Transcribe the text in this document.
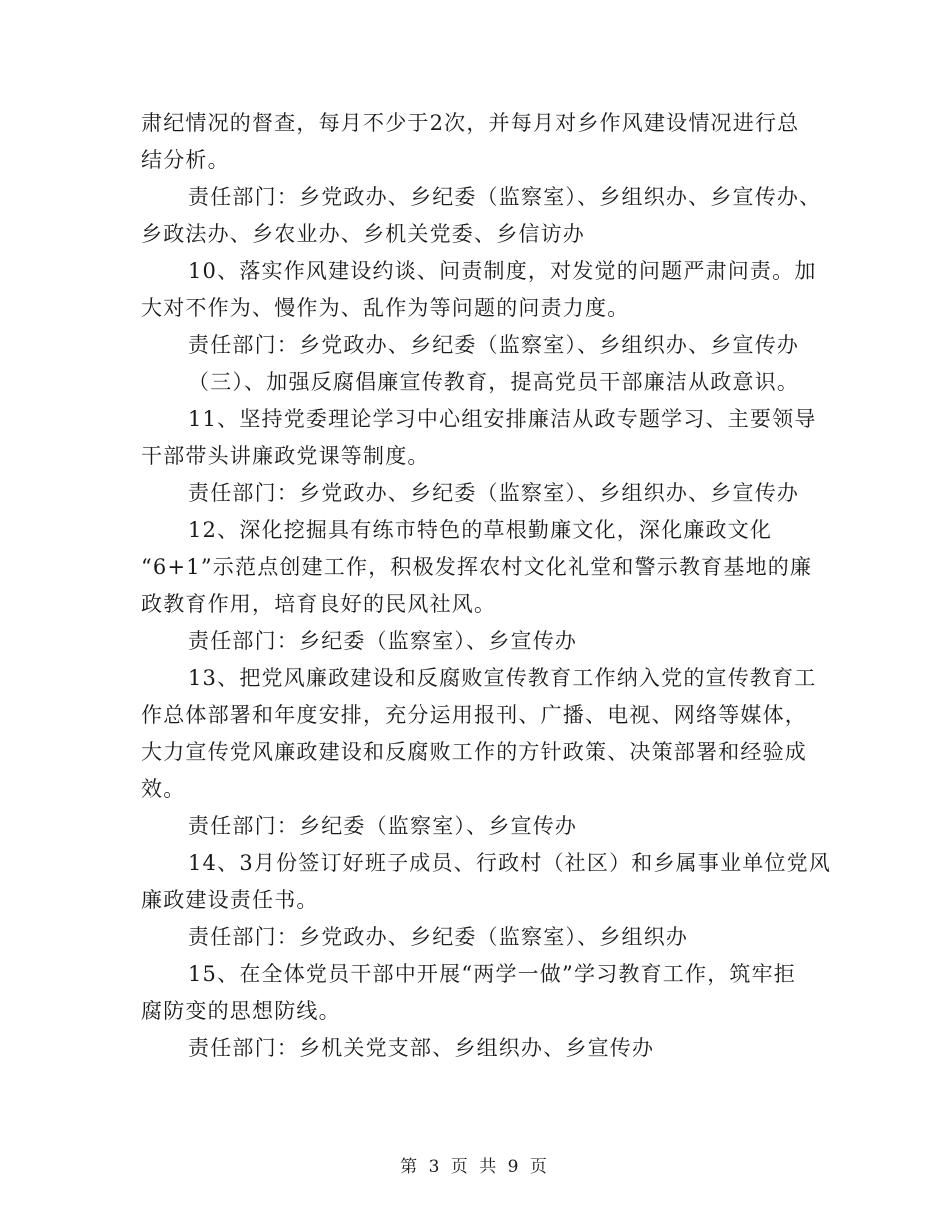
肃纪情况的督查，每月不少于2次，并每月对乡作风建设情况进行总
结分析。
责任部门：乡党政办、乡纪委（监察室）、乡组织办、乡宣传办、
乡政法办、乡农业办、乡机关党委、乡信访办
10、落实作风建设约谈、问责制度，对发觉的问题严肃问责。加
大对不作为、慢作为、乱作为等问题的问责力度。
责任部门：乡党政办、乡纪委（监察室）、乡组织办、乡宣传办
（三）、加强反腐倡廉宣传教育，提高党员干部廉洁从政意识。
11、坚持党委理论学习中心组安排廉洁从政专题学习、主要领导
干部带头讲廉政党课等制度。
责任部门：乡党政办、乡纪委（监察室）、乡组织办、乡宣传办
12、深化挖掘具有练市特色的草根勤廉文化，深化廉政文化
“6+1”示范点创建工作，积极发挥农村文化礼堂和警示教育基地的廉
政教育作用，培育良好的民风社风。
责任部门：乡纪委（监察室）、乡宣传办
13、把党风廉政建设和反腐败宣传教育工作纳入党的宣传教育工
作总体部署和年度安排，充分运用报刊、广播、电视、网络等媒体，
大力宣传党风廉政建设和反腐败工作的方针政策、决策部署和经验成
效。
责任部门：乡纪委（监察室）、乡宣传办
14、3月份签订好班子成员、行政村（社区）和乡属事业单位党风
廉政建设责任书。
责任部门：乡党政办、乡纪委（监察室）、乡组织办
15、在全体党员干部中开展“两学一做”学习教育工作，筑牢拒
腐防变的思想防线。
责任部门：乡机关党支部、乡组织办、乡宣传办
第 3 页 共 9 页
